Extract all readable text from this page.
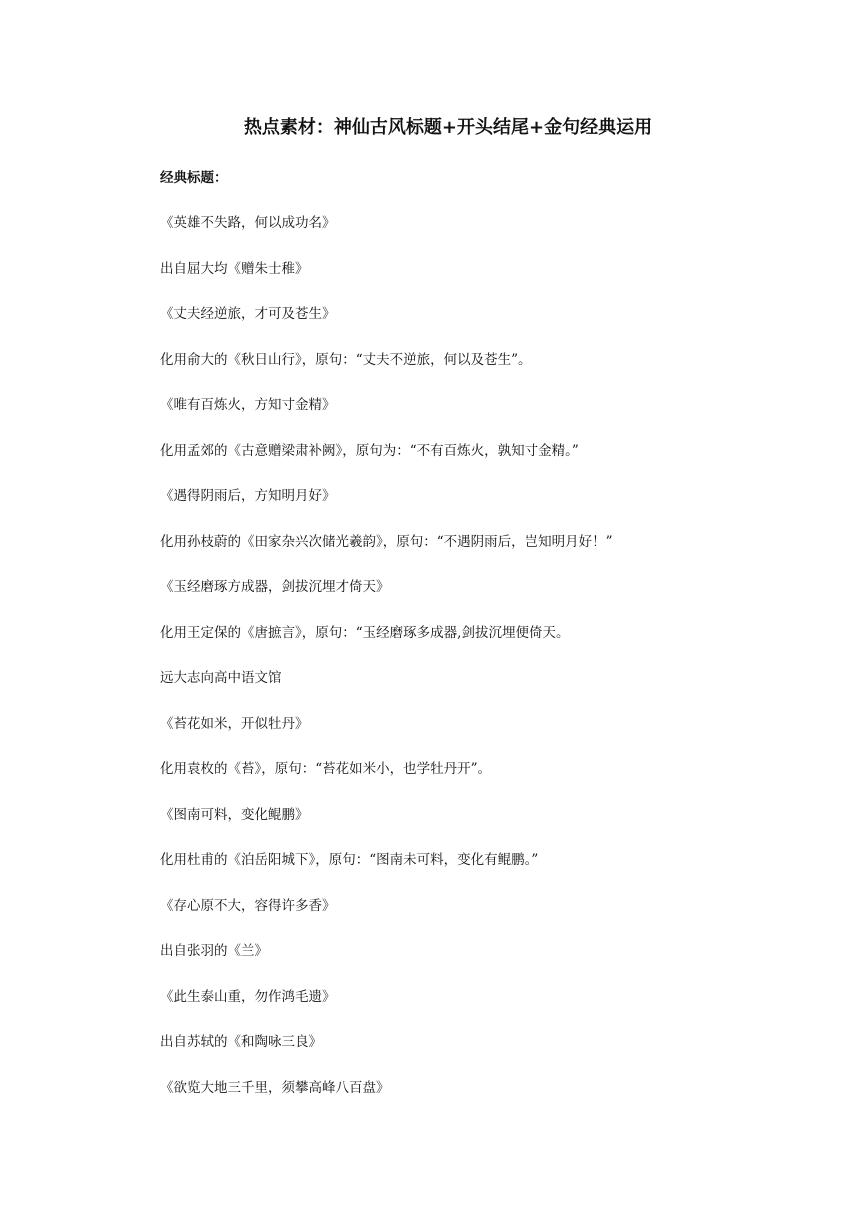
热点素材：神仙古风标题+开头结尾+金句经典运用
经典标题：
《英雄不失路，何以成功名》
出自屈大均《赠朱士稚》
《丈夫经逆旅，才可及苍生》
化用俞大的《秋日山行》，原句：“丈夫不逆旅，何以及苍生”。
《唯有百炼火，方知寸金精》
化用孟郊的《古意赠梁肃补阙》，原句为：“不有百炼火，孰知寸金精。”
《遇得阴雨后，方知明月好》
化用孙枝蔚的《田家杂兴次储光羲韵》，原句：“不遇阴雨后，岂知明月好！”
《玉经磨琢方成器，剑拔沉埋才倚天》
化用王定保的《唐摭言》，原句：“玉经磨琢多成器,剑拔沉埋便倚天。
远大志向高中语文馆
《苔花如米，开似牡丹》
化用袁枚的《苔》，原句：“苔花如米小，也学牡丹开”。
《图南可料，变化鲲鹏》
化用杜甫的《泊岳阳城下》，原句：“图南未可料，变化有鲲鹏。”
《存心原不大，容得许多香》
出自张羽的《兰》
《此生泰山重，勿作鸿毛遗》
出自苏轼的《和陶咏三良》
《欲览大地三千里，须攀高峰八百盘》
